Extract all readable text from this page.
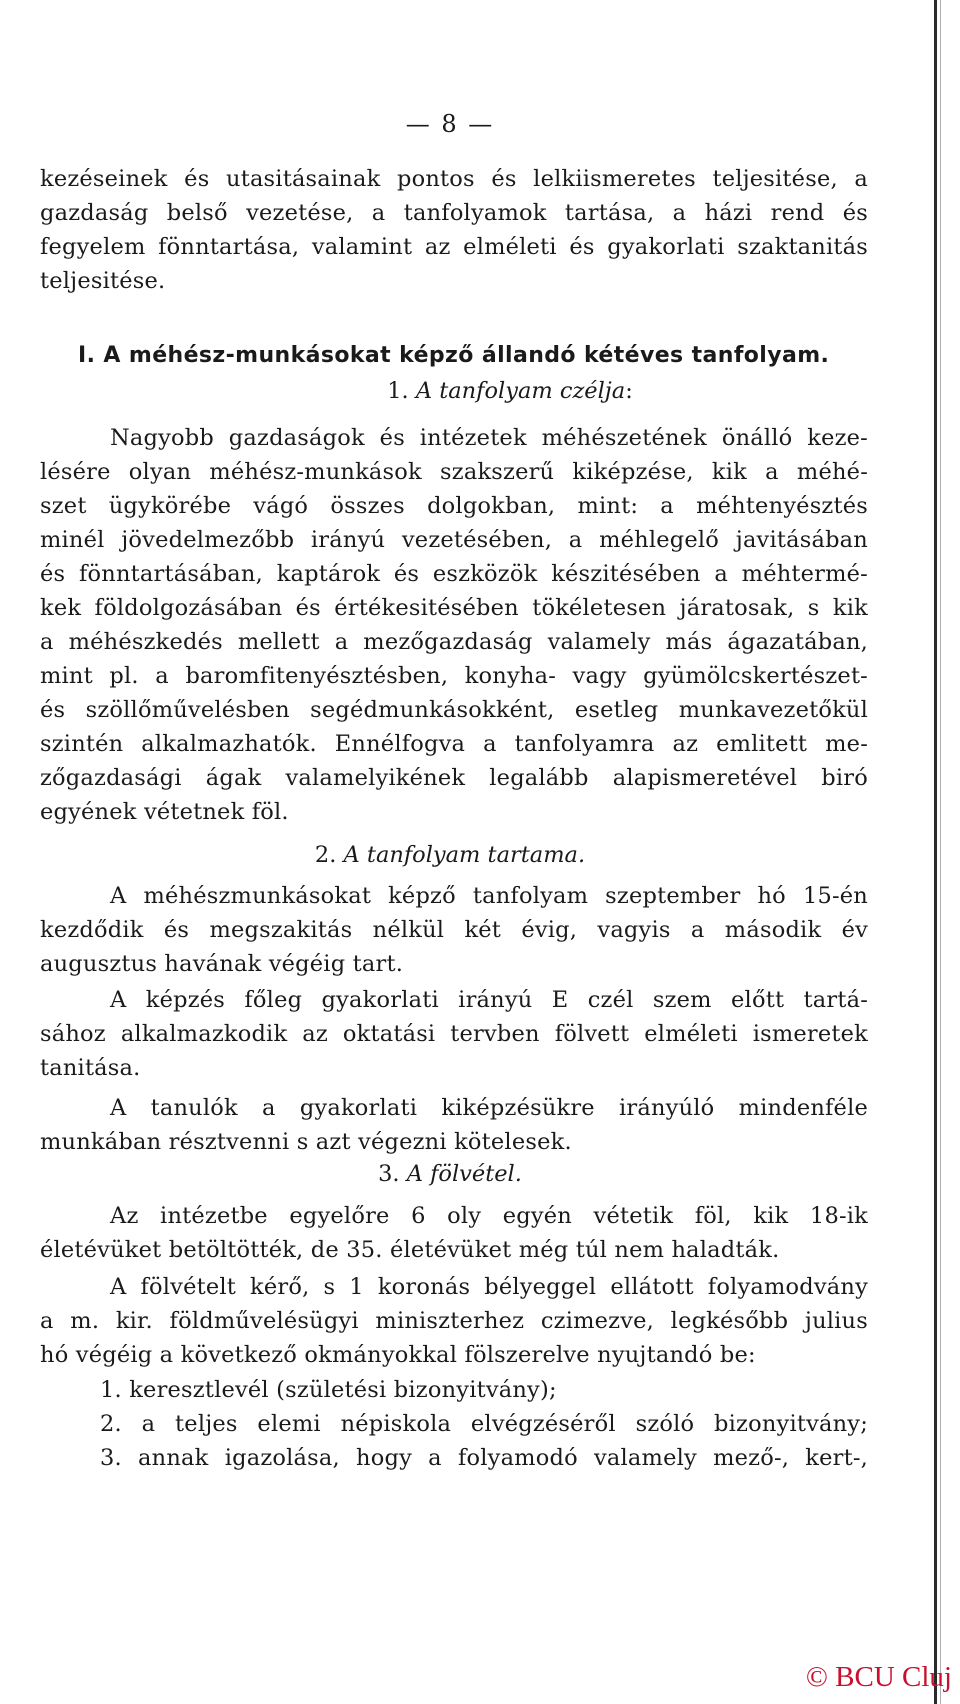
— 8 —
kezéseinek és utasitásainak pontos és lelkiismeretes teljesitése, a
gazdaság belső vezetése, a tanfolyamok tartása, a házi rend és
fegyelem fönntartása, valamint az elméleti és gyakorlati szaktanitás
teljesitése.
I. A méhész-munkásokat képző állandó kétéves tanfolyam.
1. A tanfolyam czélja:
Nagyobb gazdaságok és intézetek méhészetének önálló keze-
lésére olyan méhész-munkások szakszerű kiképzése, kik a méhé-
szet ügykörébe vágó összes dolgokban, mint: a méhtenyésztés
minél jövedelmezőbb irányú vezetésében, a méhlegelő javitásában
és fönntartásában, kaptárok és eszközök készitésében a méhtermé-
kek földolgozásában és értékesitésében tökéletesen járatosak, s kik
a méhészkedés mellett a mezőgazdaság valamely más ágazatában,
mint pl. a baromfitenyésztésben, konyha- vagy gyümölcskertészet-
és szöllőművelésben segédmunkásokként, esetleg munkavezetőkül
szintén alkalmazhatók. Ennélfogva a tanfolyamra az emlitett me-
zőgazdasági ágak valamelyikének legalább alapismeretével biró
egyének vétetnek föl.
2. A tanfolyam tartama.
A méhészmunkásokat képző tanfolyam szeptember hó 15-én
kezdődik és megszakitás nélkül két évig, vagyis a második év
augusztus havának végéig tart.
A képzés főleg gyakorlati irányú E czél szem előtt tartá-
sához alkalmazkodik az oktatási tervben fölvett elméleti ismeretek
tanitása.
A tanulók a gyakorlati kiképzésükre irányúló mindenféle
munkában résztvenni s azt végezni kötelesek.
3. A fölvétel.
Az intézetbe egyelőre 6 oly egyén vétetik föl, kik 18-ik
életévüket betöltötték, de 35. életévüket még túl nem haladták.
A fölvételt kérő, s 1 koronás bélyeggel ellátott folyamodvány
a m. kir. földművelésügyi miniszterhez czimezve, legkésőbb julius
hó végéig a következő okmányokkal fölszerelve nyujtandó be:
1. keresztlevél (születési bizonyitvány);
2. a teljes elemi népiskola elvégzéséről szóló bizonyitvány;
3. annak igazolása, hogy a folyamodó valamely mező-, kert-,
© BCU Cluj
